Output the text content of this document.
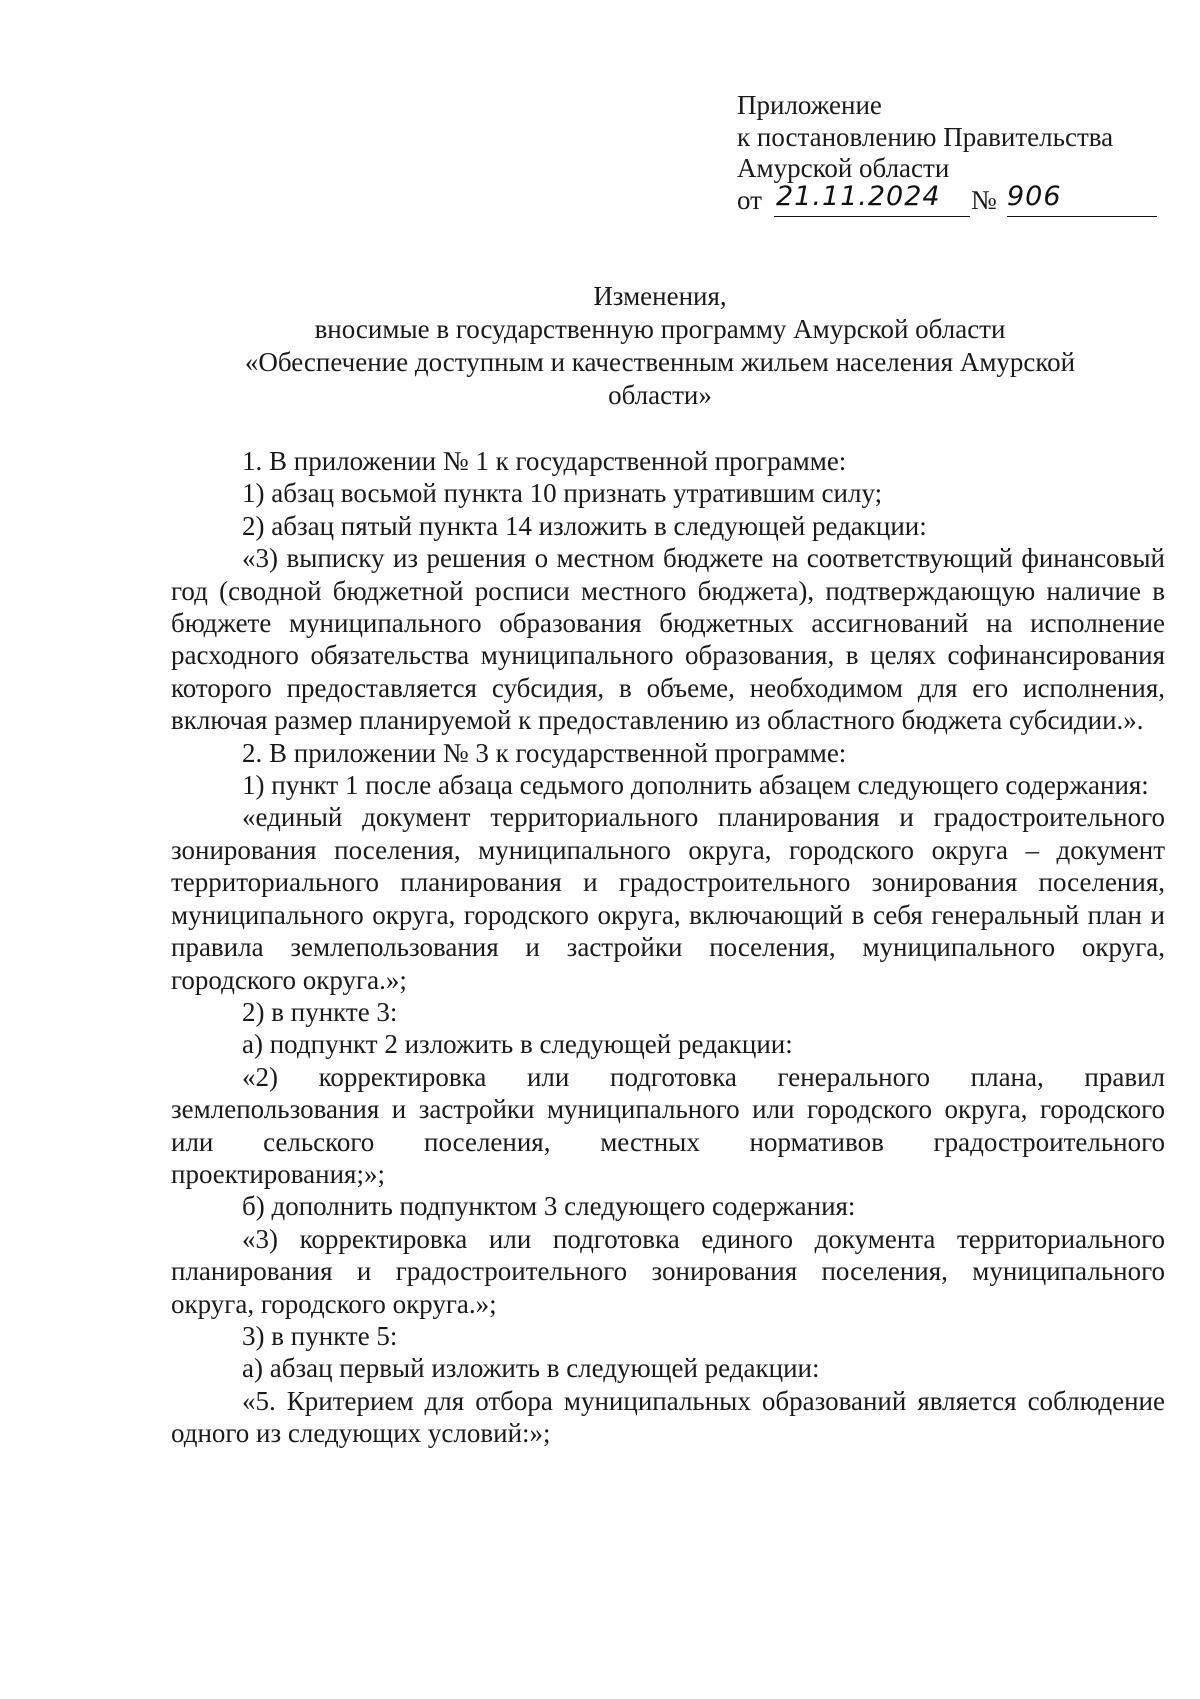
Приложение
к постановлению Правительства
Амурской области
от 21.11.2024 № 906
Изменения,
вносимые в государственную программу Амурской области
«Обеспечение доступным и качественным жильем населения Амурской
области»

1. В приложении № 1 к государственной программе:

1) абзац восьмой пункта 10 признать утратившим силу;

2) абзац пятый пункта 14 изложить в следующей редакции:

«3) выписку из решения о местном бюджете на соответствующий финансовый год (сводной бюджетной росписи местного бюджета), подтверждающую наличие в бюджете муниципального образования бюджетных ассигнований на исполнение расходного обязательства муниципального образования, в целях софинансирования которого предоставляется субсидия, в объеме, необходимом для его исполнения, включая размер планируемой к предоставлению из областного бюджета субсидии.».

2. В приложении № 3 к государственной программе:

1) пункт 1 после абзаца седьмого дополнить абзацем следующего содержания:

«единый документ территориального планирования и градостроительного зонирования поселения, муниципального округа, городского округа – документ территориального планирования и градостроительного зонирования поселения, муниципального округа, городского округа, включающий в себя генеральный план и правила землепользования и застройки поселения, муниципального округа, городского округа.»;

2) в пункте 3:

а) подпункт 2 изложить в следующей редакции:

«2) корректировка или подготовка генерального плана, правил землепользования и застройки муниципального или городского округа, городского или сельского поселения, местных нормативов градостроительного проектирования;»;

б) дополнить подпунктом 3 следующего содержания:

«3) корректировка или подготовка единого документа территориального планирования и градостроительного зонирования поселения, муниципального округа, городского округа.»;

3) в пункте 5:

а) абзац первый изложить в следующей редакции:

«5. Критерием для отбора муниципальных образований является соблюдение одного из следующих условий:»;
